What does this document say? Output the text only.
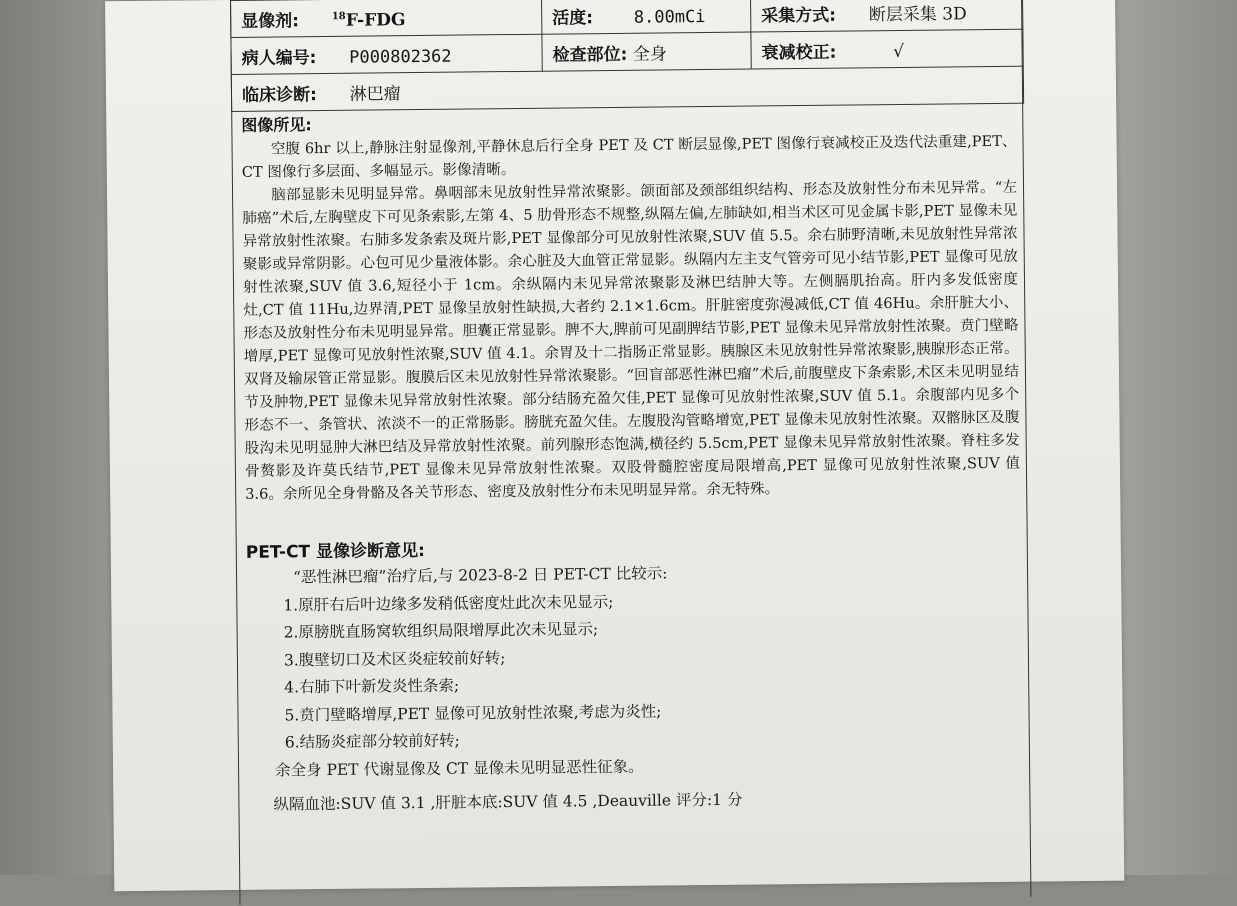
显像剂: $^{18}$F-FDG	活度: 8.00mCi	采集方式: 断层采集 3D
病人编号: P000802362	检查部位: 全身	衰减校正: √
临床诊断: 淋巴瘤		
图像所见:

空腹 6hr 以上,静脉注射显像剂,平静休息后行全身 PET 及 CT 断层显像,PET 图像行衰减校正及迭代法重建,PET、CT 图像行多层面、多幅显示。影像清晰。

脑部显影未见明显异常。鼻咽部未见放射性异常浓聚影。颌面部及颈部组织结构、形态及放射性分布未见异常。“左肺癌”术后,左胸壁皮下可见条索影,左第 4、5 肋骨形态不规整,纵隔左偏,左肺缺如,相当术区可见金属卡影,PET 显像未见异常放射性浓聚。右肺多发条索及斑片影,PET 显像部分可见放射性浓聚,SUV 值 5.5。余右肺野清晰,未见放射性异常浓聚影或异常阴影。心包可见少量液体影。余心脏及大血管正常显影。纵隔内左主支气管旁可见小结节影,PET 显像可见放射性浓聚,SUV 值 3.6,短径小于 1cm。余纵隔内未见异常浓聚影及淋巴结肿大等。左侧膈肌抬高。肝内多发低密度灶,CT 值 11Hu,边界清,PET 显像呈放射性缺损,大者约 2.1×1.6cm。肝脏密度弥漫减低,CT 值 46Hu。余肝脏大小、形态及放射性分布未见明显异常。胆囊正常显影。脾不大,脾前可见副脾结节影,PET 显像未见异常放射性浓聚。贲门壁略增厚,PET 显像可见放射性浓聚,SUV 值 4.1。余胃及十二指肠正常显影。胰腺区未见放射性异常浓聚影,胰腺形态正常。双肾及输尿管正常显影。腹膜后区未见放射性异常浓聚影。“回盲部恶性淋巴瘤”术后,前腹壁皮下条索影,术区未见明显结节及肿物,PET 显像未见异常放射性浓聚。部分结肠充盈欠佳,PET 显像可见放射性浓聚,SUV 值 5.1。余腹部内见多个形态不一、条管状、浓淡不一的正常肠影。膀胱充盈欠佳。左腹股沟管略增宽,PET 显像未见放射性浓聚。双髂脉区及腹股沟未见明显肿大淋巴结及异常放射性浓聚。前列腺形态饱满,横径约 5.5cm,PET 显像未见异常放射性浓聚。脊柱多发骨赘影及许莫氏结节,PET 显像未见异常放射性浓聚。双股骨髓腔密度局限增高,PET 显像可见放射性浓聚,SUV 值 3.6。余所见全身骨骼及各关节形态、密度及放射性分布未见明显异常。余无特殊。

PET-CT 显像诊断意见:
“恶性淋巴瘤”治疗后,与 2023-8-2 日 PET-CT 比较示:
1.原肝右后叶边缘多发稍低密度灶此次未见显示;
2.原膀胱直肠窝软组织局限增厚此次未见显示;
3.腹壁切口及术区炎症较前好转;
4.右肺下叶新发炎性条索;
5.贲门壁略增厚,PET 显像可见放射性浓聚,考虑为炎性;
6.结肠炎症部分较前好转;
余全身 PET 代谢显像及 CT 显像未见明显恶性征象。
纵隔血池:SUV 值 3.1 ,肝脏本底:SUV 值 4.5 ,Deauville 评分:1 分
